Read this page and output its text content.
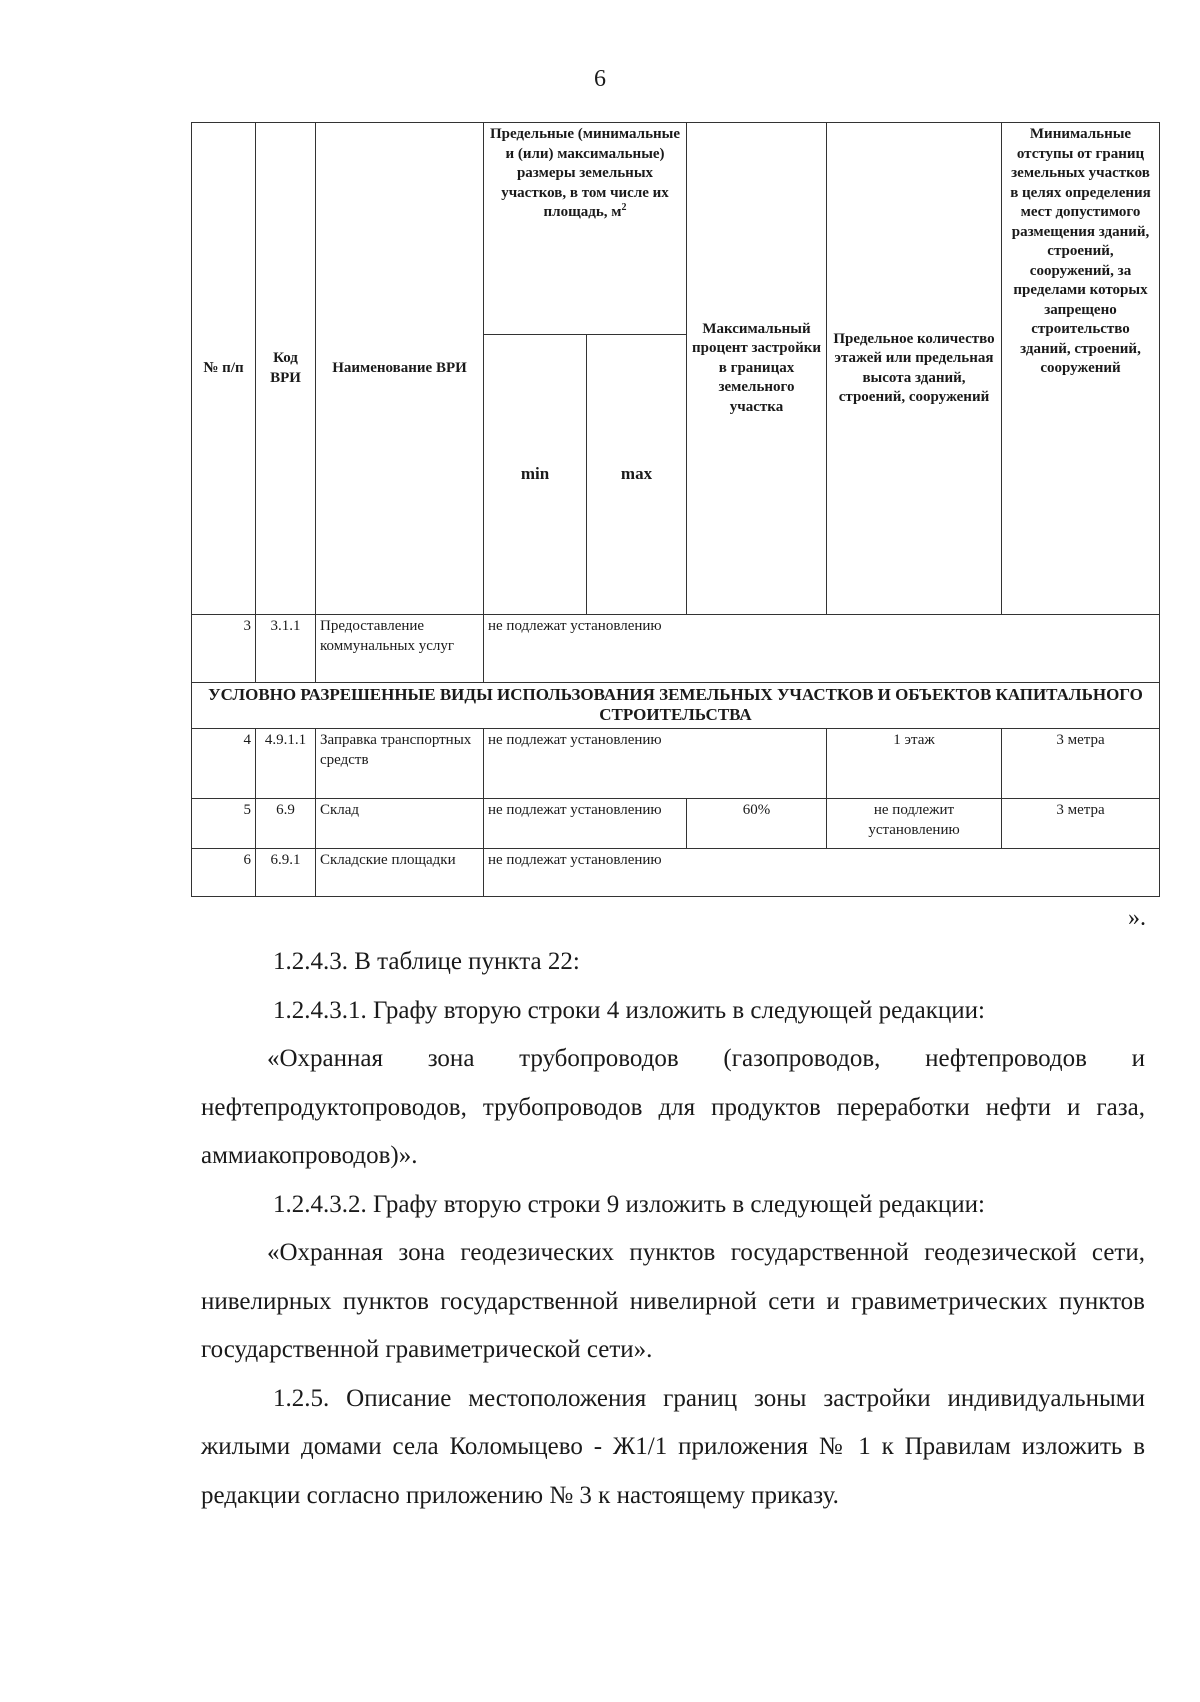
6
№ п/п	Код ВРИ	Наименование ВРИ	Предельные (минимальные и (или) максимальные) размеры земельных участков, в том числе их площадь, $м^2$		Максимальный процент застройки в границах земельного участка	Предельное количество этажей или предельная высота зданий, строений, сооружений	Минимальные отступы от границ земельных участков в целях определения мест допустимого размещения зданий, строений, сооружений, за пределами которых запрещено строительство зданий, строений, сооружений
			min	max			
3	3.1.1	Предоставление коммунальных услуг	не подлежат установлению				
УСЛОВНО РАЗРЕШЕННЫЕ ВИДЫ ИСПОЛЬЗОВАНИЯ ЗЕМЕЛЬНЫХ УЧАСТКОВ И ОБЪЕКТОВ КАПИТАЛЬНОГО СТРОИТЕЛЬСТВА							
4	4.9.1.1	Заправка транспортных средств	не подлежат установлению			1 этаж	3 метра
5	6.9	Склад	не подлежат установлению		60%	не подлежит установлению	3 метра
6	6.9.1	Складские площадки	не подлежат установлению				
».

1.2.4.3. В таблице пункта 22:

1.2.4.3.1. Графу вторую строки 4 изложить в следующей редакции:

«Охранная зона трубопроводов (газопроводов, нефтепроводов и нефтепродуктопроводов, трубопроводов для продуктов переработки нефти и газа, аммиакопроводов)».

1.2.4.3.2. Графу вторую строки 9 изложить в следующей редакции:

«Охранная зона геодезических пунктов государственной геодезической сети, нивелирных пунктов государственной нивелирной сети и гравиметрических пунктов государственной гравиметрической сети».

1.2.5. Описание местоположения границ зоны застройки индивидуальными жилыми домами села Коломыцево - Ж1/1 приложения № 1 к Правилам изложить в редакции согласно приложению № 3 к настоящему приказу.
